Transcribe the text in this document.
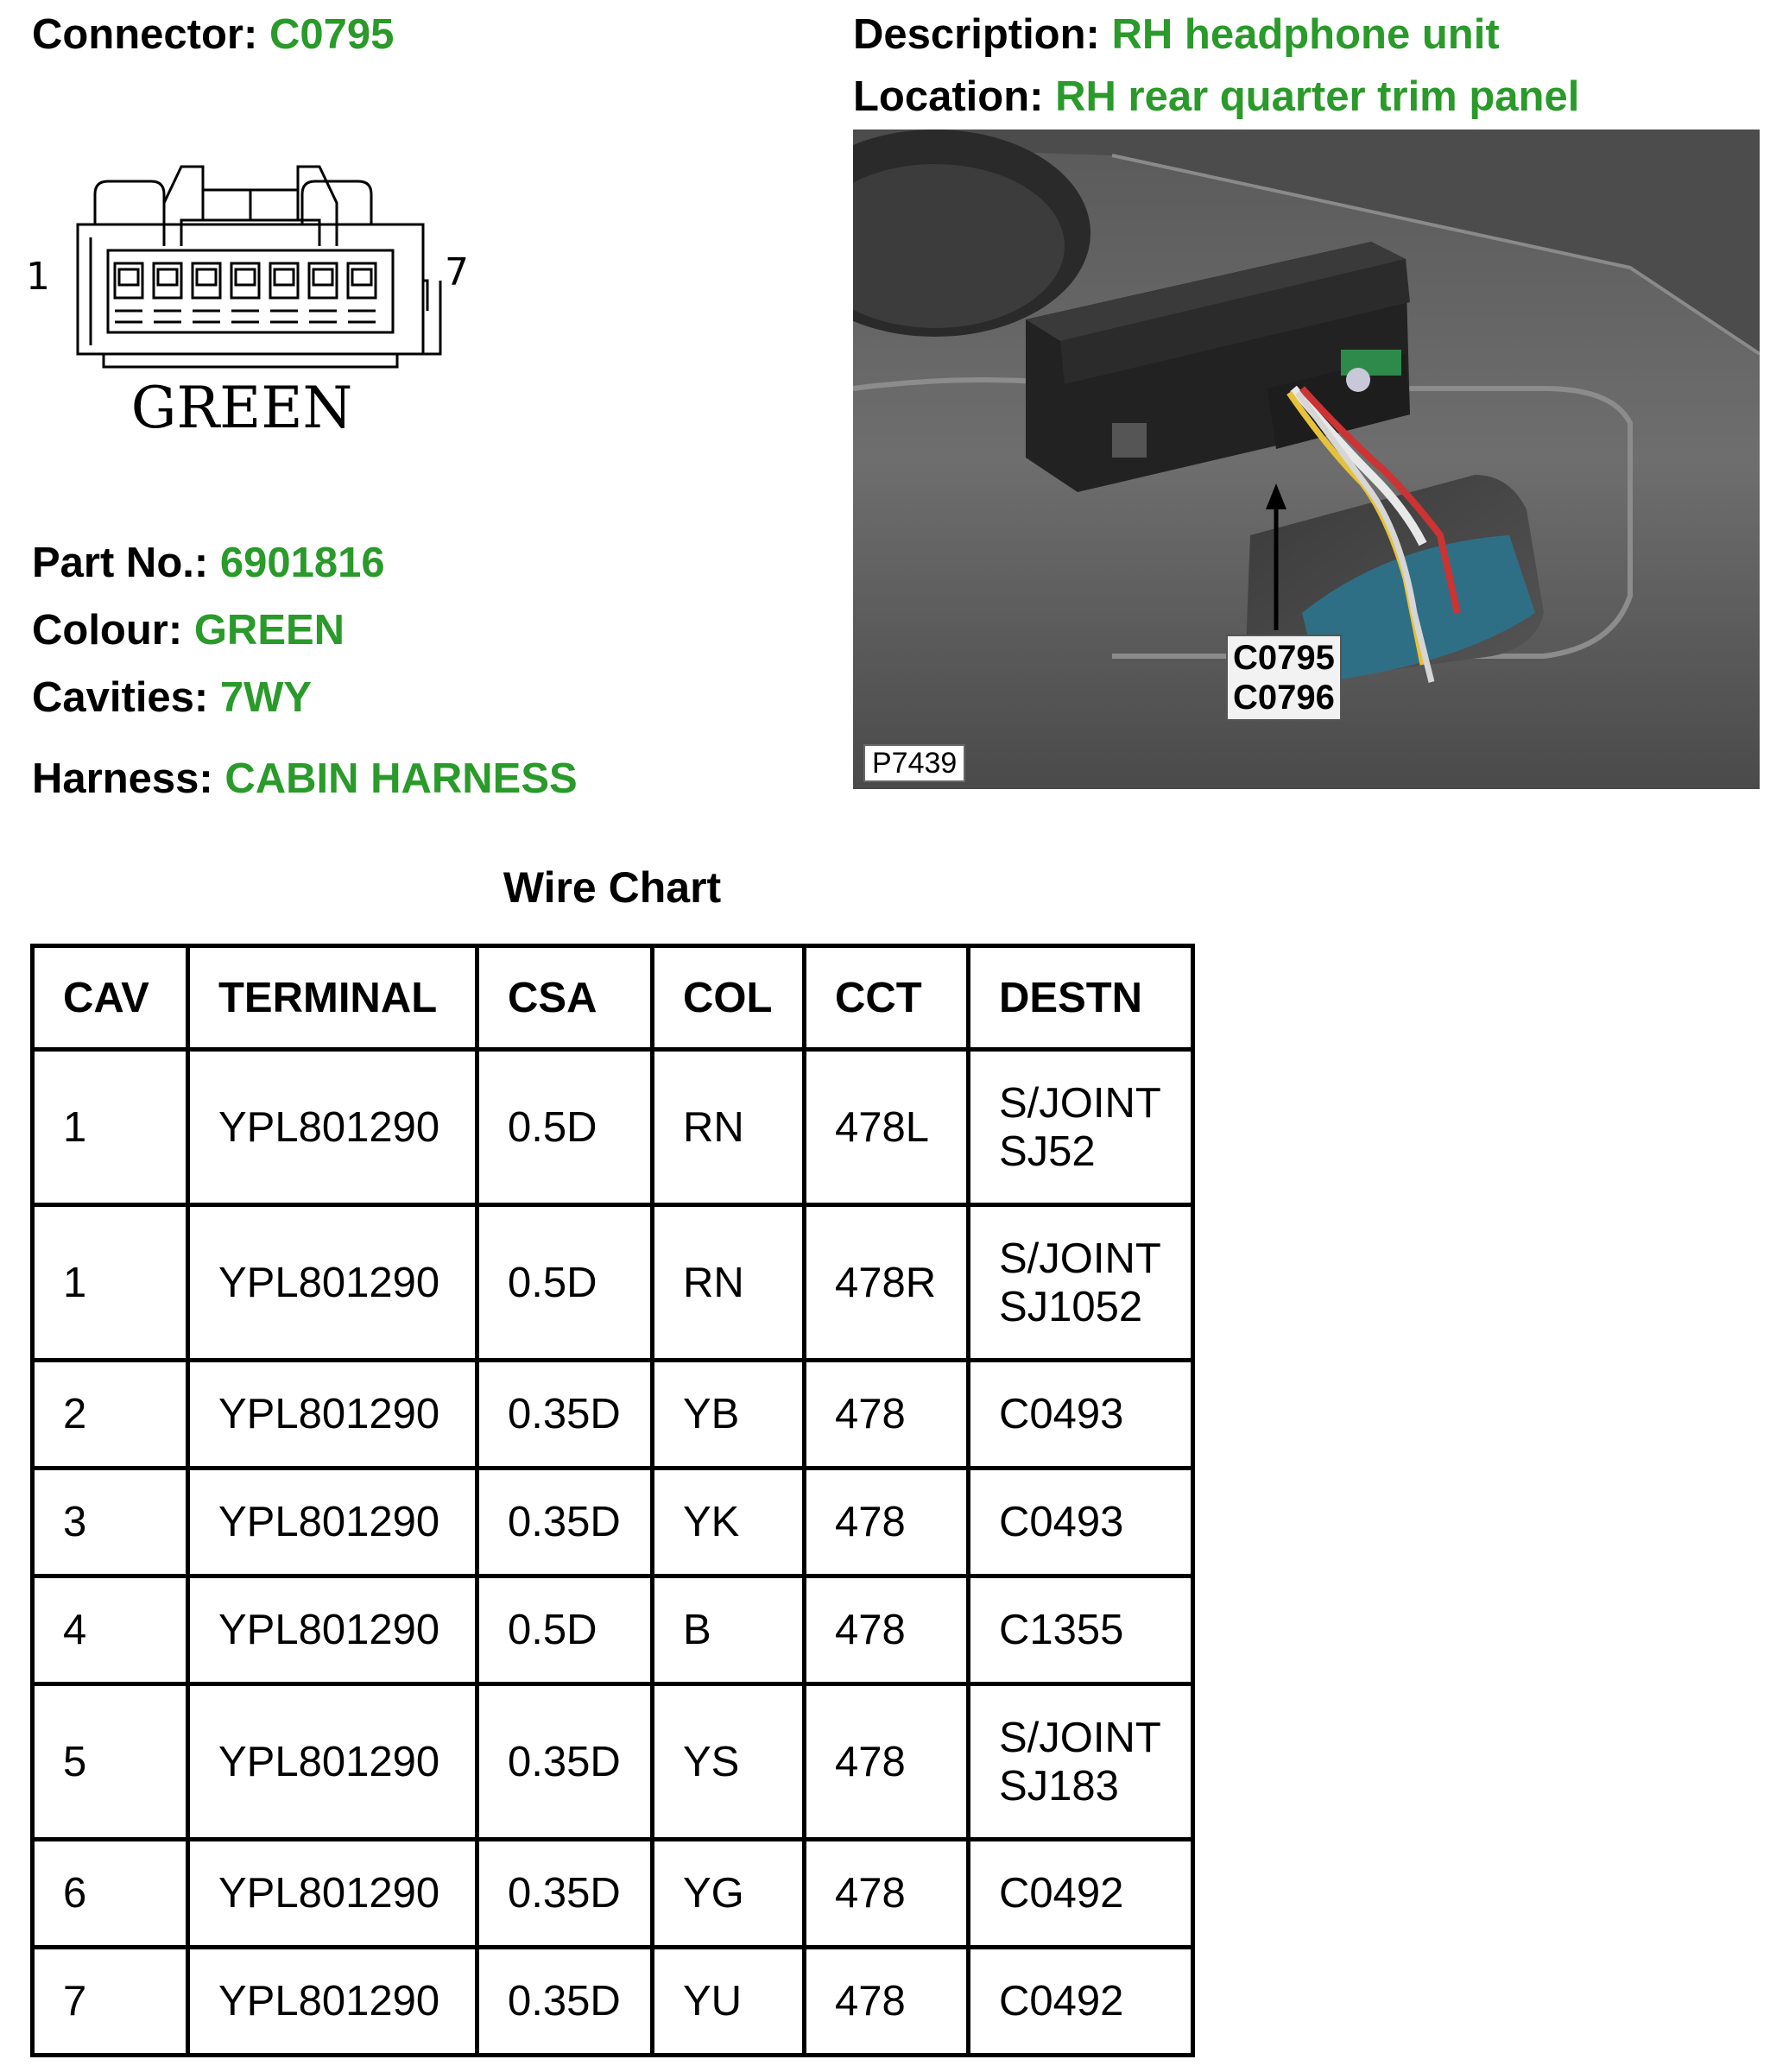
Connector: C0795	Description: RH headphone unit
Location: RH rear quarter trim panel
1	7
GREEN
C0795
C0796
P7439
Part No.: 6901816
Colour: GREEN
Cavities: 7WY
Harness: CABIN HARNESS
Wire Chart
CAV	TERMINAL	CSA	COL	CCT	DESTN
1	YPL801290	0.5D	RN	478L	S/JOINT
SJ52

1	YPL801290	0.5D	RN	478R	S/JOINT
SJ1052

2	YPL801290	0.35D	YB	478	C0493
3	YPL801290	0.35D	YK	478	C0493
4	YPL801290	0.5D	B	478	C1355
5	YPL801290	0.35D	YS	478	S/JOINT
SJ183

6	YPL801290	0.35D	YG	478	C0492
7	YPL801290	0.35D	YU	478	C0492
